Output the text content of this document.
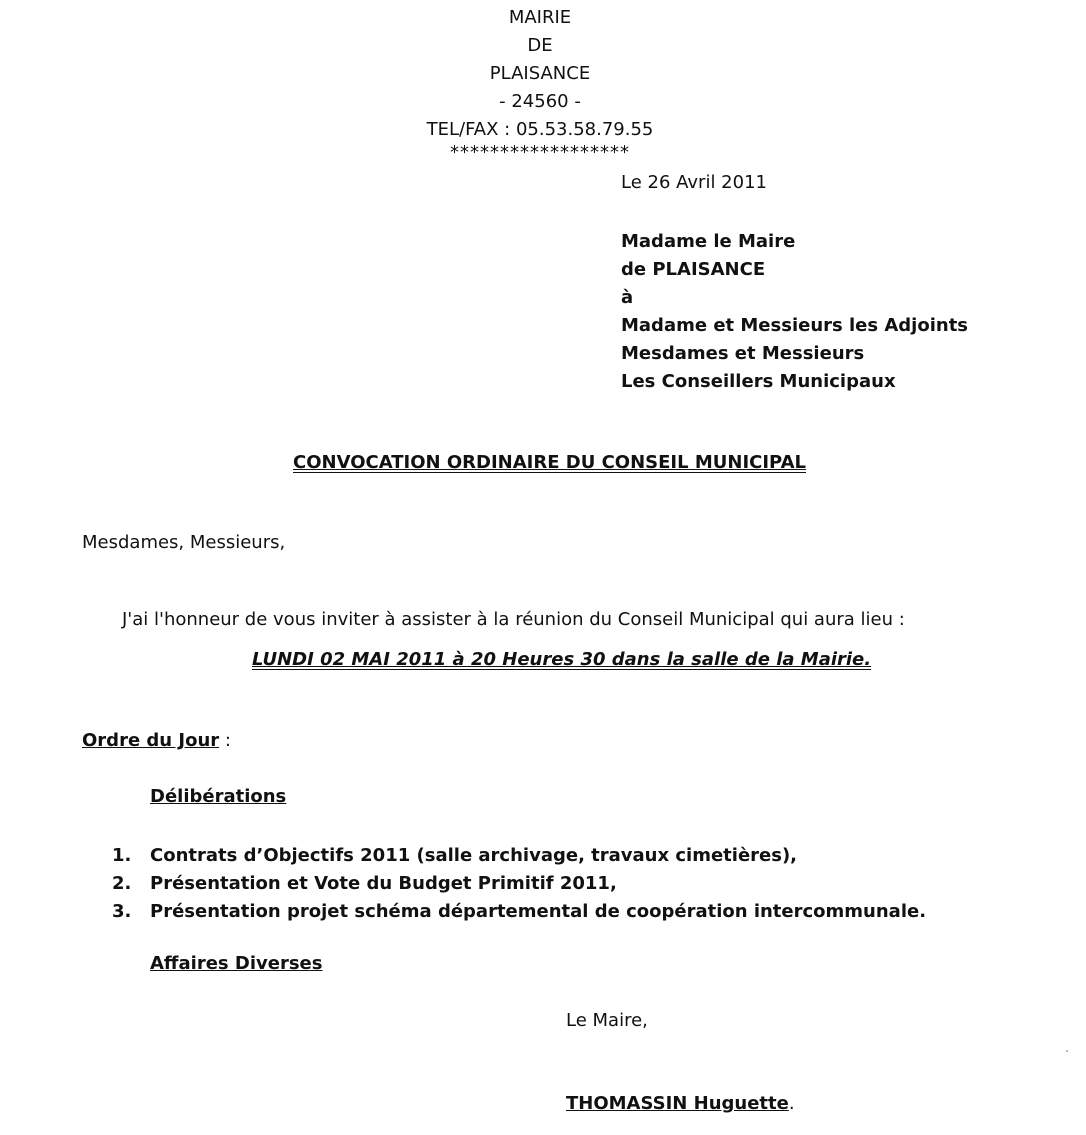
MAIRIE
DE
PLAISANCE
- 24560 -
TEL/FAX : 05.53.58.79.55
******************
Le 26 Avril 2011
Madame le Maire
de PLAISANCE
à
Madame et Messieurs les Adjoints
Mesdames et Messieurs
Les Conseillers Municipaux
CONVOCATION ORDINAIRE DU CONSEIL MUNICIPAL
Mesdames, Messieurs,
J'ai l'honneur de vous inviter à assister à la réunion du Conseil Municipal qui aura lieu :
LUNDI 02 MAI 2011 à 20 Heures 30 dans la salle de la Mairie.
Ordre du Jour :
Délibérations
1.	Contrats d’Objectifs 2011 (salle archivage, travaux cimetières),
2.	Présentation et Vote du Budget Primitif 2011,
3.	Présentation projet schéma départemental de coopération intercommunale.
Affaires Diverses
Le Maire,
THOMASSIN Huguette.
